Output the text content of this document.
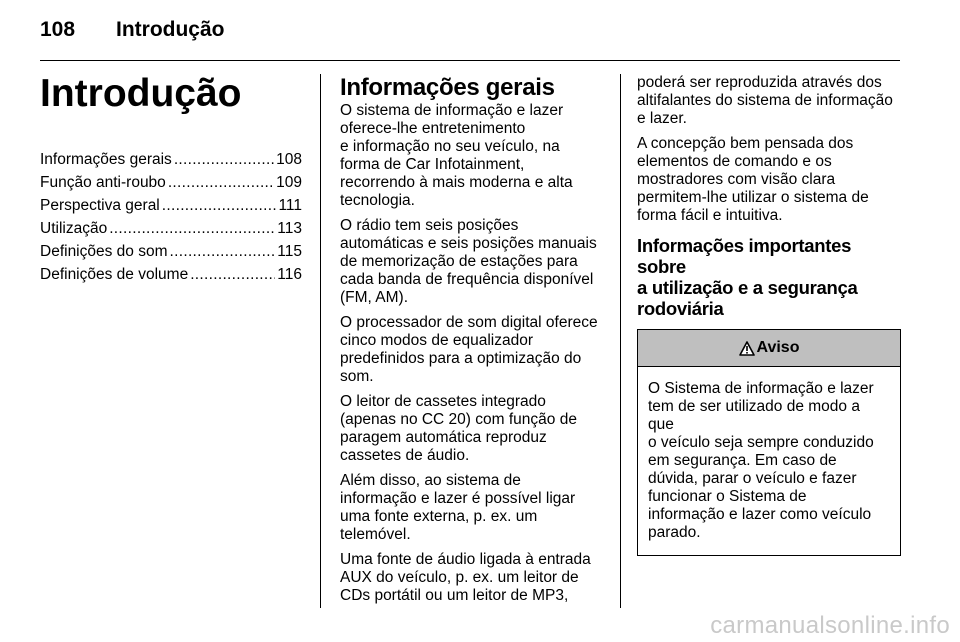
108 Introdução
Introdução
Informações gerais .....	108
Função anti-roubo .....	109
Perspectiva geral .....	111
Utilização .....	113
Definições do som .....	115
Definições de volume .....	116
Informações gerais

O sistema de informação e lazer
oferece-lhe entretenimento
e informação no seu veículo, na
forma de Car Infotainment,
recorrendo à mais moderna e alta
tecnologia.

O rádio tem seis posições
automáticas e seis posições manuais
de memorização de estações para
cada banda de frequência disponível
(FM, AM).

O processador de som digital oferece
cinco modos de equalizador
predefinidos para a optimização do
som.

O leitor de cassetes integrado
(apenas no CC 20) com função de
paragem automática reproduz
cassetes de áudio.

Além disso, ao sistema de
informação e lazer é possível ligar
uma fonte externa, p. ex. um
telemóvel.

Uma fonte de áudio ligada à entrada
AUX do veículo, p. ex. um leitor de
CDs portátil ou um leitor de MP3,

poderá ser reproduzida através dos
altifalantes do sistema de informação
e lazer.

A concepção bem pensada dos
elementos de comando e os
mostradores com visão clara
permitem-lhe utilizar o sistema de
forma fácil e intuitiva.

Informações importantes sobre
a utilização e a segurança
rodoviária
Aviso
O Sistema de informação e lazer
tem de ser utilizado de modo a que
o veículo seja sempre conduzido
em segurança. Em caso de
dúvida, parar o veículo e fazer
funcionar o Sistema de
informação e lazer como veículo
parado.
carmanualsonline.info
